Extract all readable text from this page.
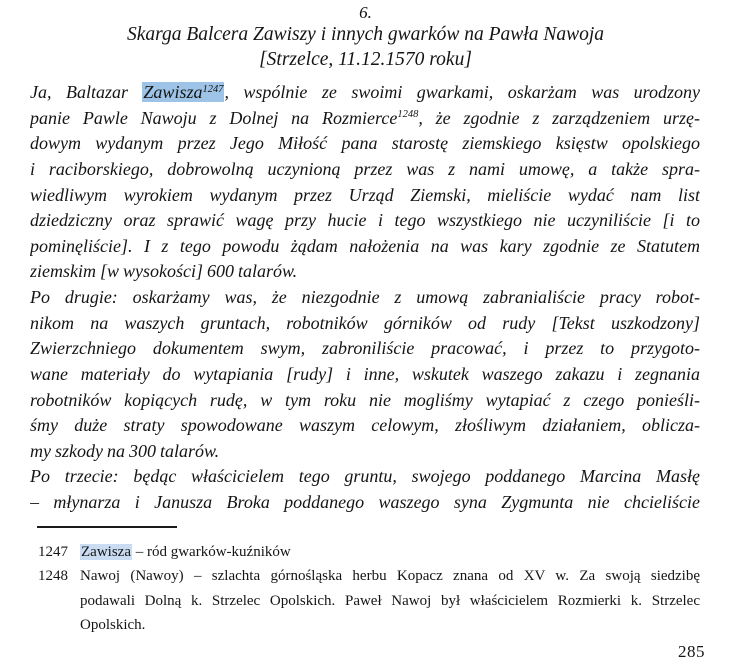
6.
Skarga Balcera Zawiszy i innych gwarków na Pawła Nawoja
[Strzelce, 11.12.1570 roku]
Ja, Baltazar Zawisza$^{1247}$, wspólnie ze swoimi gwarkami, oskarżam was urodzony
panie Pawle Nawoju z Dolnej na Rozmierce$^{1248}$, że zgodnie z zarządzeniem urzę-
dowym wydanym przez Jego Miłość pana starostę ziemskiego księstw opolskiego
i raciborskiego, dobrowolną uczynioną przez was z nami umowę, a także spra-
wiedliwym wyrokiem wydanym przez Urząd Ziemski, mieliście wydać nam list
dziedziczny oraz sprawić wagę przy hucie i tego wszystkiego nie uczyniliście [i to
pominęliście]. I z tego powodu żądam nałożenia na was kary zgodnie ze Statutem
ziemskim [w wysokości] 600 talarów.
Po drugie: oskarżamy was, że niezgodnie z umową zabranialiście pracy robot-
nikom na waszych gruntach, robotników górników od rudy [Tekst uszkodzony]
Zwierzchniego dokumentem swym, zabroniliście pracować, i przez to przygoto-
wane materiały do wytapiania [rudy] i inne, wskutek waszego zakazu i zegnania
robotników kopiących rudę, w tym roku nie mogliśmy wytapiać z czego ponieśli-
śmy duże straty spowodowane waszym celowym, złośliwym działaniem, oblicza-
my szkody na 300 talarów.
Po trzecie: będąc właścicielem tego gruntu, swojego poddanego Marcina Masłę
– młynarza i Janusza Broka poddanego waszego syna Zygmunta nie chcieliście
1247 Zawisza – ród gwarków-kuźników
1248 Nawoj (Nawoy) – szlachta górnośląska herbu Kopacz znana od XV w. Za swoją siedzibę
podawali Dolną k. Strzelec Opolskich. Paweł Nawoj był właścicielem Rozmierki k. Strzelec
Opolskich.
285
